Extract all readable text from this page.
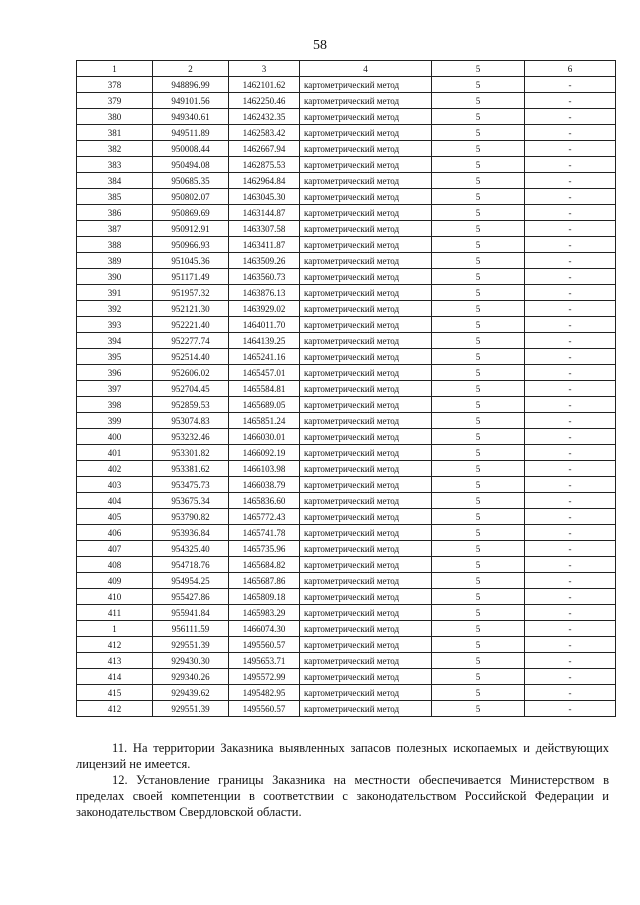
58
1	2	3	4	5	6
378	948896.99	1462101.62	картометрический метод	5	-
379	949101.56	1462250.46	картометрический метод	5	-
380	949340.61	1462432.35	картометрический метод	5	-
381	949511.89	1462583.42	картометрический метод	5	-
382	950008.44	1462667.94	картометрический метод	5	-
383	950494.08	1462875.53	картометрический метод	5	-
384	950685.35	1462964.84	картометрический метод	5	-
385	950802.07	1463045.30	картометрический метод	5	-
386	950869.69	1463144.87	картометрический метод	5	-
387	950912.91	1463307.58	картометрический метод	5	-
388	950966.93	1463411.87	картометрический метод	5	-
389	951045.36	1463509.26	картометрический метод	5	-
390	951171.49	1463560.73	картометрический метод	5	-
391	951957.32	1463876.13	картометрический метод	5	-
392	952121.30	1463929.02	картометрический метод	5	-
393	952221.40	1464011.70	картометрический метод	5	-
394	952277.74	1464139.25	картометрический метод	5	-
395	952514.40	1465241.16	картометрический метод	5	-
396	952606.02	1465457.01	картометрический метод	5	-
397	952704.45	1465584.81	картометрический метод	5	-
398	952859.53	1465689.05	картометрический метод	5	-
399	953074.83	1465851.24	картометрический метод	5	-
400	953232.46	1466030.01	картометрический метод	5	-
401	953301.82	1466092.19	картометрический метод	5	-
402	953381.62	1466103.98	картометрический метод	5	-
403	953475.73	1466038.79	картометрический метод	5	-
404	953675.34	1465836.60	картометрический метод	5	-
405	953790.82	1465772.43	картометрический метод	5	-
406	953936.84	1465741.78	картометрический метод	5	-
407	954325.40	1465735.96	картометрический метод	5	-
408	954718.76	1465684.82	картометрический метод	5	-
409	954954.25	1465687.86	картометрический метод	5	-
410	955427.86	1465809.18	картометрический метод	5	-
411	955941.84	1465983.29	картометрический метод	5	-
1	956111.59	1466074.30	картометрический метод	5	-
412	929551.39	1495560.57	картометрический метод	5	-
413	929430.30	1495653.71	картометрический метод	5	-
414	929340.26	1495572.99	картометрический метод	5	-
415	929439.62	1495482.95	картометрический метод	5	-
412	929551.39	1495560.57	картометрический метод	5	-

11. На территории Заказника выявленных запасов полезных ископаемых и действующих лицензий не имеется.

12. Установление границы Заказника на местности обеспечивается Министерством в пределах своей компетенции в соответствии с законодательством Российской Федерации и законодательством Свердловской области.
